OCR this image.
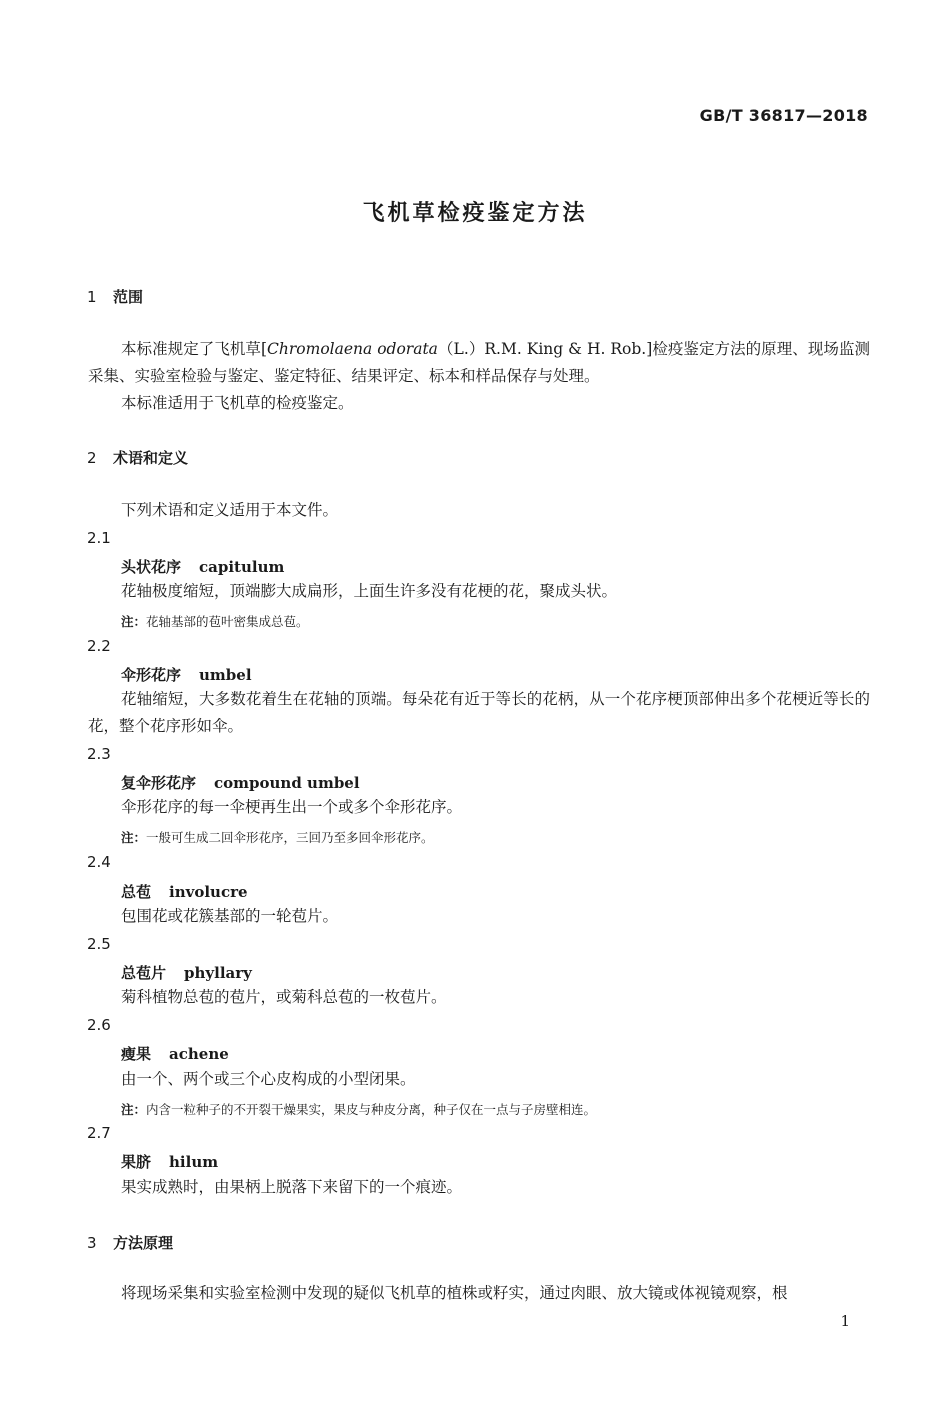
GB/T 36817—2018
飞机草检疫鉴定方法
1 范围
本标准规定了飞机草[Chromolaena odorata（L.）R.M. King & H. Rob.]检疫鉴定方法的原理、现场监测采集、实验室检验与鉴定、鉴定特征、结果评定、标本和样品保存与处理。
本标准适用于飞机草的检疫鉴定。
2 术语和定义
下列术语和定义适用于本文件。
2.1
头状花序 capitulum
花轴极度缩短，顶端膨大成扁形，上面生许多没有花梗的花，聚成头状。
注：花轴基部的苞叶密集成总苞。
2.2
伞形花序 umbel
花轴缩短，大多数花着生在花轴的顶端。每朵花有近于等长的花柄，从一个花序梗顶部伸出多个花梗近等长的花，整个花序形如伞。
2.3
复伞形花序 compound umbel
伞形花序的每一伞梗再生出一个或多个伞形花序。
注：一般可生成二回伞形花序，三回乃至多回伞形花序。
2.4
总苞 involucre
包围花或花簇基部的一轮苞片。
2.5
总苞片 phyllary
菊科植物总苞的苞片，或菊科总苞的一枚苞片。
2.6
瘦果 achene
由一个、两个或三个心皮构成的小型闭果。
注：内含一粒种子的不开裂干燥果实，果皮与种皮分离，种子仅在一点与子房壁相连。
2.7
果脐 hilum
果实成熟时，由果柄上脱落下来留下的一个痕迹。
3 方法原理
将现场采集和实验室检测中发现的疑似飞机草的植株或籽实，通过肉眼、放大镜或体视镜观察，根
1
